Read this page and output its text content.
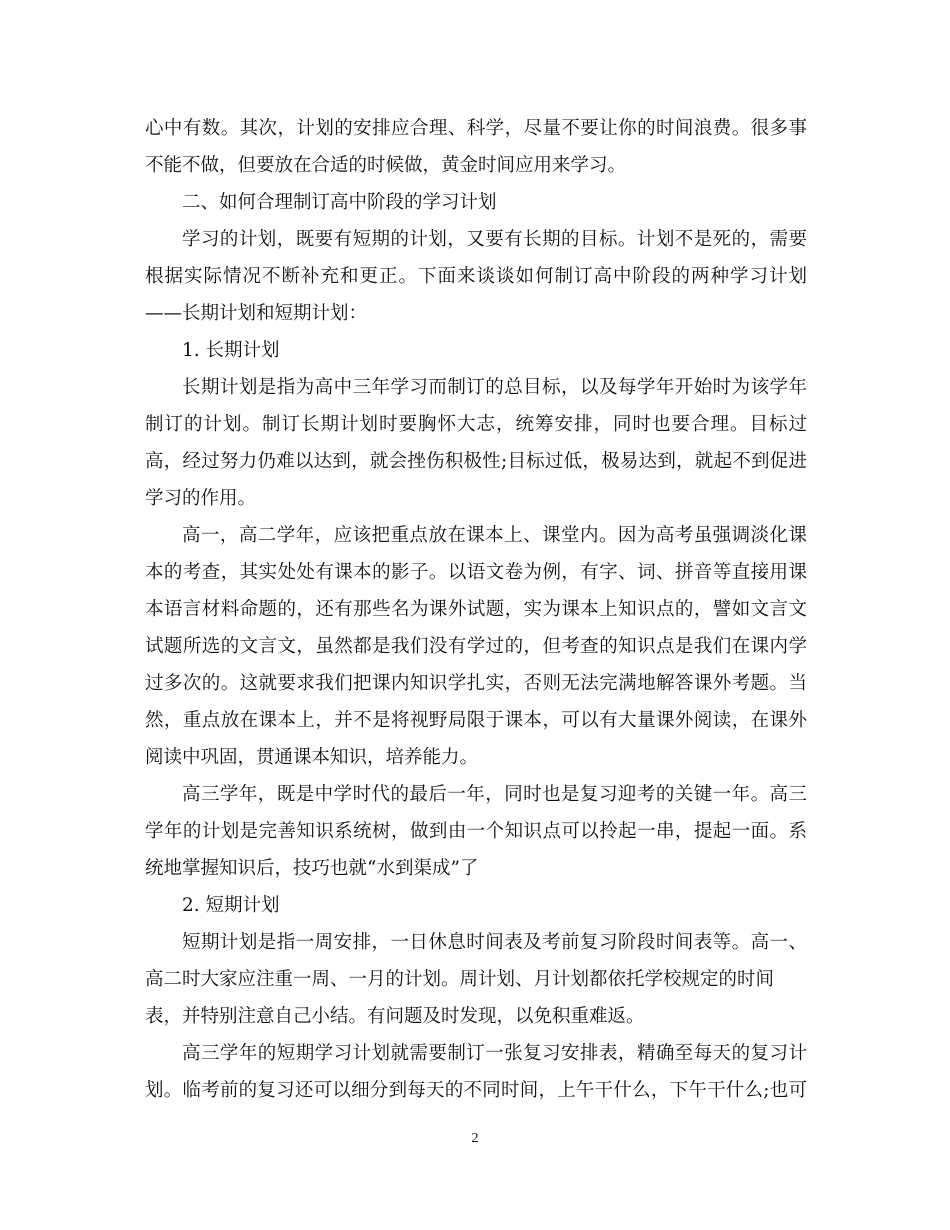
心中有数。其次，计划的安排应合理、科学，尽量不要让你的时间浪费。很多事
不能不做，但要放在合适的时候做，黄金时间应用来学习。
二、如何合理制订高中阶段的学习计划
学习的计划，既要有短期的计划，又要有长期的目标。计划不是死的，需要
根据实际情况不断补充和更正。下面来谈谈如何制订高中阶段的两种学习计划
——长期计划和短期计划：
1. 长期计划
长期计划是指为高中三年学习而制订的总目标，以及每学年开始时为该学年
制订的计划。制订长期计划时要胸怀大志，统筹安排，同时也要合理。目标过
高，经过努力仍难以达到，就会挫伤积极性;目标过低，极易达到，就起不到促进
学习的作用。
高一，高二学年，应该把重点放在课本上、课堂内。因为高考虽强调淡化课
本的考查，其实处处有课本的影子。以语文卷为例，有字、词、拼音等直接用课
本语言材料命题的，还有那些名为课外试题，实为课本上知识点的，譬如文言文
试题所选的文言文，虽然都是我们没有学过的，但考查的知识点是我们在课内学
过多次的。这就要求我们把课内知识学扎实，否则无法完满地解答课外考题。当
然，重点放在课本上，并不是将视野局限于课本，可以有大量课外阅读，在课外
阅读中巩固，贯通课本知识，培养能力。
高三学年，既是中学时代的最后一年，同时也是复习迎考的关键一年。高三
学年的计划是完善知识系统树，做到由一个知识点可以拎起一串，提起一面。系
统地掌握知识后，技巧也就“水到渠成”了
2. 短期计划
短期计划是指一周安排，一日休息时间表及考前复习阶段时间表等。高一、
高二时大家应注重一周、一月的计划。周计划、月计划都依托学校规定的时间
表，并特别注意自己小结。有问题及时发现，以免积重难返。
高三学年的短期学习计划就需要制订一张复习安排表，精确至每天的复习计
划。临考前的复习还可以细分到每天的不同时间，上午干什么，下午干什么;也可
2
